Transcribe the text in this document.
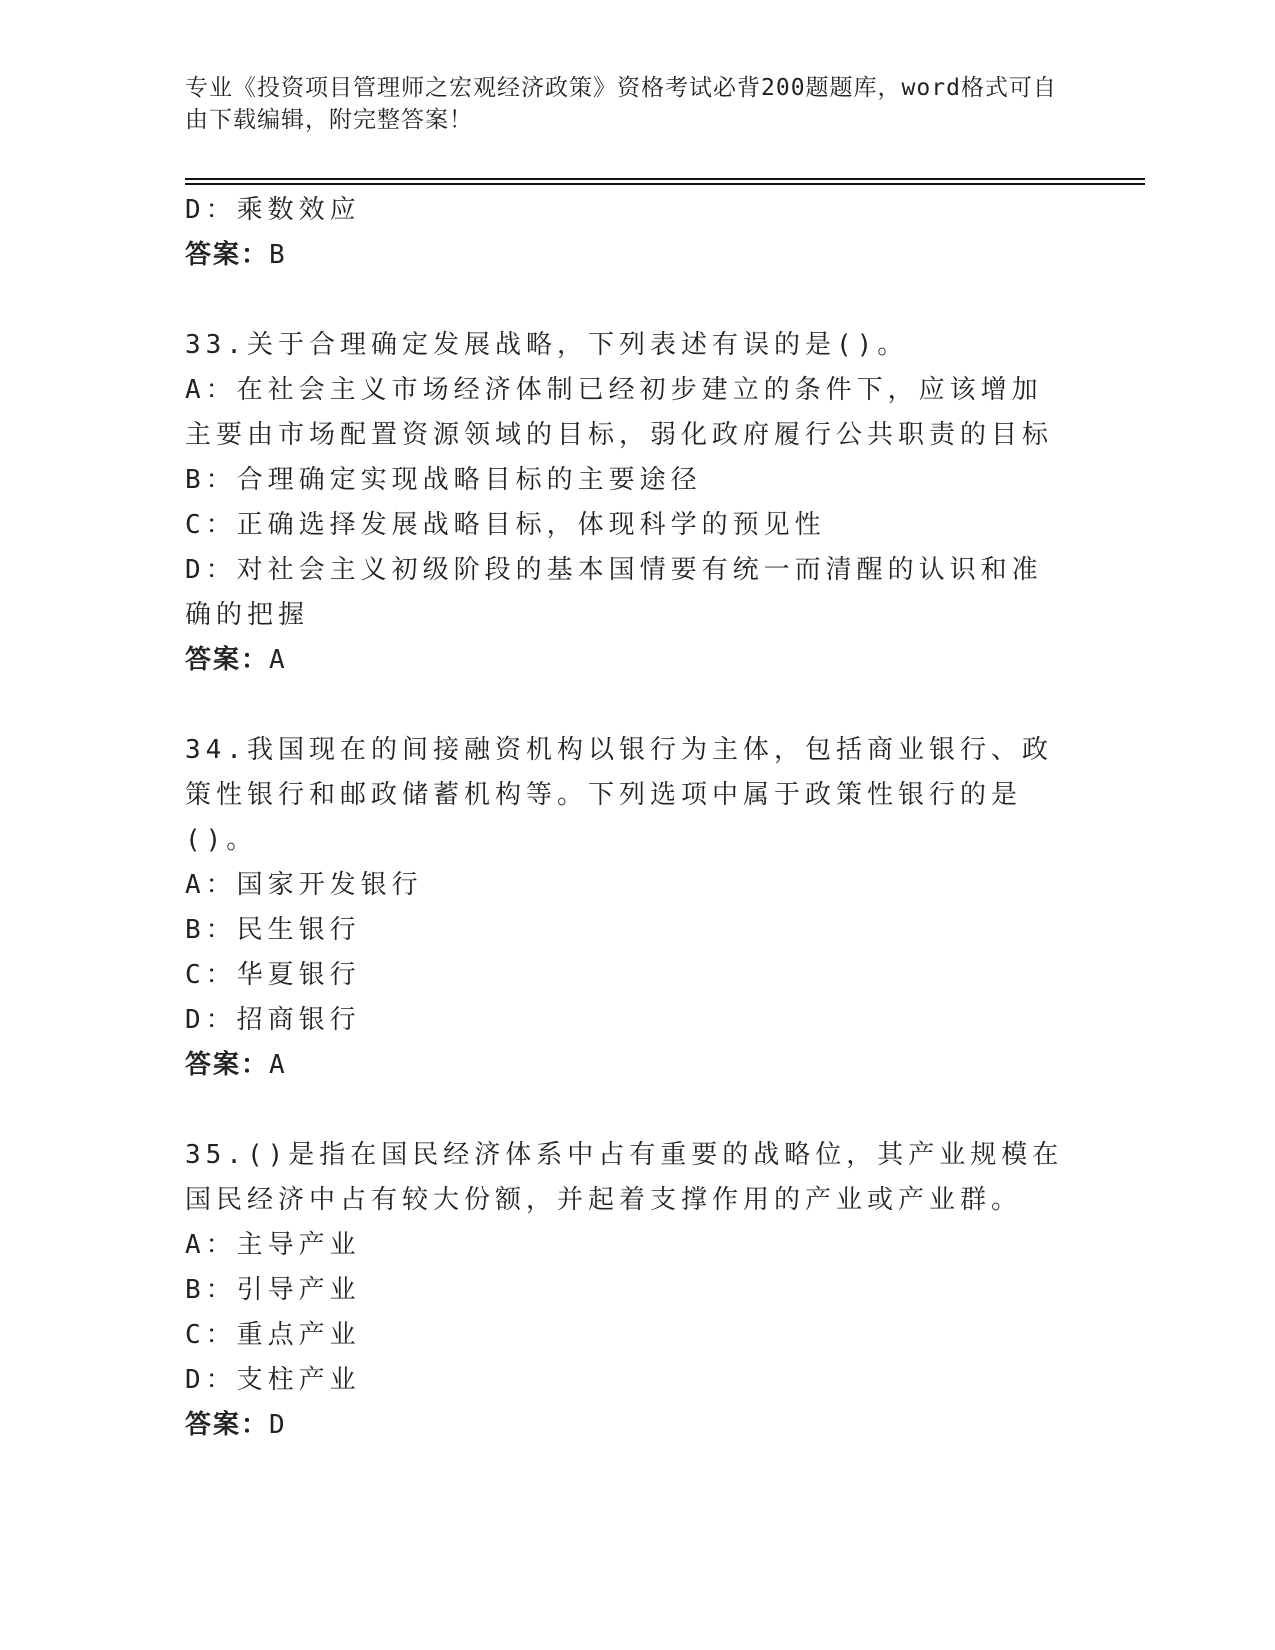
专业《投资项目管理师之宏观经济政策》资格考试必背200题题库，word格式可自由下载编辑，附完整答案！
D：乘数效应
答案：B
33.关于合理确定发展战略，下列表述有误的是()。
A：在社会主义市场经济体制已经初步建立的条件下，应该增加主要由市场配置资源领域的目标，弱化政府履行公共职责的目标
B：合理确定实现战略目标的主要途径
C：正确选择发展战略目标，体现科学的预见性
D：对社会主义初级阶段的基本国情要有统一而清醒的认识和准确的把握
答案：A
34.我国现在的间接融资机构以银行为主体，包括商业银行、政策性银行和邮政储蓄机构等。下列选项中属于政策性银行的是()。
A：国家开发银行
B：民生银行
C：华夏银行
D：招商银行
答案：A
35.()是指在国民经济体系中占有重要的战略位，其产业规模在国民经济中占有较大份额，并起着支撑作用的产业或产业群。
A：主导产业
B：引导产业
C：重点产业
D：支柱产业
答案：D
